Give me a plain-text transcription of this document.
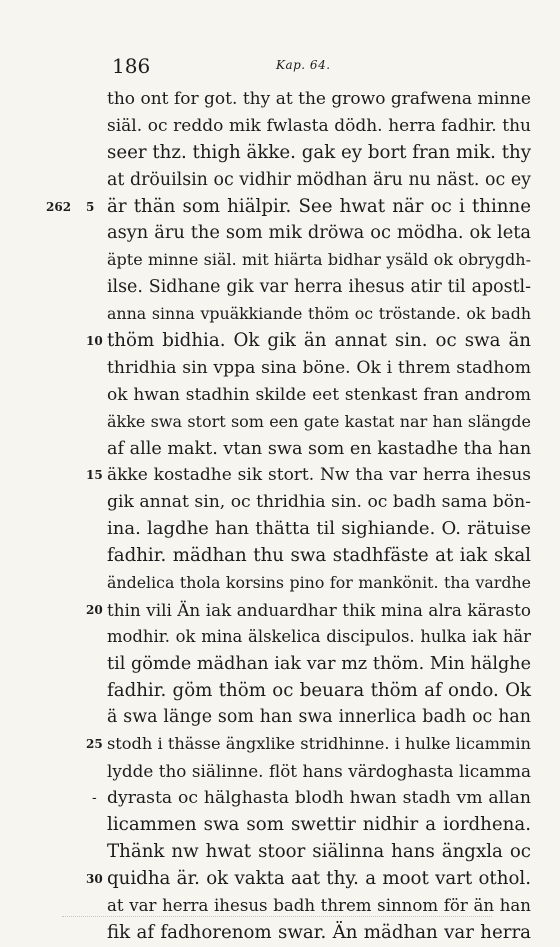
186	Kap. 64.
tho ont for got. thy at the growo grafwena minne
siäl. oc reddo mik fwlasta dödh. herra fadhir. thu
seer thz. thigh äkke. gak ey bort fran mik. thy
at dröuilsin oc vidhir mödhan äru nu näst. oc ey
262 5 är thän som hiälpir. See hwat när oc i thinne
asyn äru the som mik dröwa oc mödha. ok leta
äpte minne siäl. mit hiärta bidhar ysäld ok obrygdh-
ilse. Sidhane gik var herra ihesus atir til apostl-
anna sinna vpuäkkiande thöm oc tröstande. ok badh
10 thöm bidhia. Ok gik än annat sin. oc swa än
thridhia sin vppa sina böne. Ok i threm stadhom
ok hwan stadhin skilde eet stenkast fran androm
äkke swa stort som een gate kastat nar han slängde
af alle makt. vtan swa som en kastadhe tha han
15 äkke kostadhe sik stort. Nw tha var herra ihesus
gik annat sin, oc thridhia sin. oc badh sama bön-
ina. lagdhe han thätta til sighiande. O. rätuise
fadhir. mädhan thu swa stadhfäste at iak skal
ändelica thola korsins pino for mankönit. tha vardhe
20 thin vili Än iak anduardhar thik mina alra kärasto
modhir. ok mina älskelica discipulos. hulka iak här
til gömde mädhan iak var mz thöm. Min hälghe
fadhir. göm thöm oc beuara thöm af ondo. Ok
ä swa länge som han swa innerlica badh oc han
25 stodh i thässe ängxlike stridhinne. i hulke licammin
lydde tho siälinne. flöt hans värdoghasta licamma
- dyrasta oc hälghasta blodh hwan stadh vm allan
licammen swa som swettir nidhir a iordhena.
Thänk nw hwat stoor siälinna hans ängxla oc
30 quidha är. ok vakta aat thy. a moot vart othol.
at var herra ihesus badh threm sinnom för än han
fik af fadhorenom swar. Än mädhan var herra
